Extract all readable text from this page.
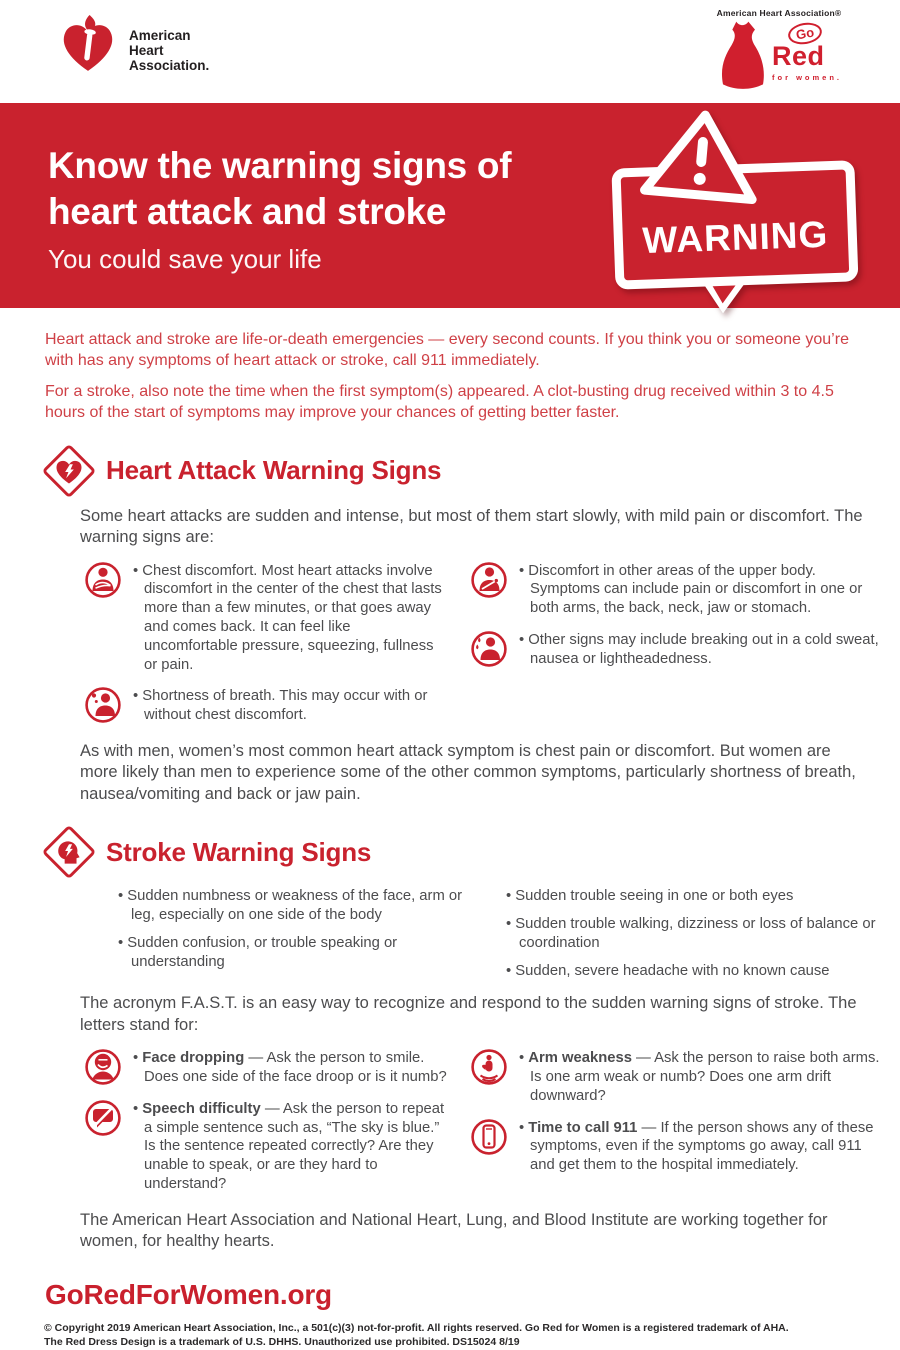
American
Heart
Association.
American Heart Association®
Go
Red
for women.
Know the warning signs of
heart attack and stroke
You could save your life	WARNING

Heart attack and stroke are life-or-death emergencies — every second counts. If you think you or someone you’re with has any symptoms of heart attack or stroke, call 911 immediately.

For a stroke, also note the time when the first symptom(s) appeared. A clot-busting drug received within 3 to 4.5 hours of the start of symptoms may improve your chances of getting better faster.

Heart Attack Warning Signs
Some heart attacks are sudden and intense, but most of them start slowly, with mild pain or discomfort. The warning signs are:
• Chest discomfort. Most heart attacks involve discomfort in the center of the chest that lasts more than a few minutes, or that goes away and comes back. It can feel like uncomfortable pressure, squeezing, fullness or pain.
• Shortness of breath. This may occur with or without chest discomfort.
• Discomfort in other areas of the upper body. Symptoms can include pain or discomfort in one or both arms, the back, neck, jaw or stomach.
• Other signs may include breaking out in a cold sweat, nausea or lightheadedness.
As with men, women’s most common heart attack symptom is chest pain or discomfort. But women are more likely than men to experience some of the other common symptoms, particularly shortness of breath, nausea/vomiting and back or jaw pain.
Stroke Warning Signs
• Sudden numbness or weakness of the face, arm or leg, especially on one side of the body
• Sudden confusion, or trouble speaking or understanding
• Sudden trouble seeing in one or both eyes
• Sudden trouble walking, dizziness or loss of balance or coordination
• Sudden, severe headache with no known cause
The acronym F.A.S.T. is an easy way to recognize and respond to the sudden warning signs of stroke. The letters stand for:
• Face dropping — Ask the person to smile. Does one side of the face droop or is it numb?
• Speech difficulty — Ask the person to repeat a simple sentence such as, “The sky is blue.” Is the sentence repeated correctly? Are they unable to speak, or are they hard to understand?
• Arm weakness — Ask the person to raise both arms. Is one arm weak or numb? Does one arm drift downward?
• Time to call 911 — If the person shows any of these symptoms, even if the symptoms go away, call 911 and get them to the hospital immediately.
The American Heart Association and National Heart, Lung, and Blood Institute are working together for women, for healthy hearts.
GoRedForWomen.org
© Copyright 2019 American Heart Association, Inc., a 501(c)(3) not-for-profit. All rights reserved. Go Red for Women is a registered trademark of AHA.
The Red Dress Design is a trademark of U.S. DHHS. Unauthorized use prohibited. DS15024 8/19
